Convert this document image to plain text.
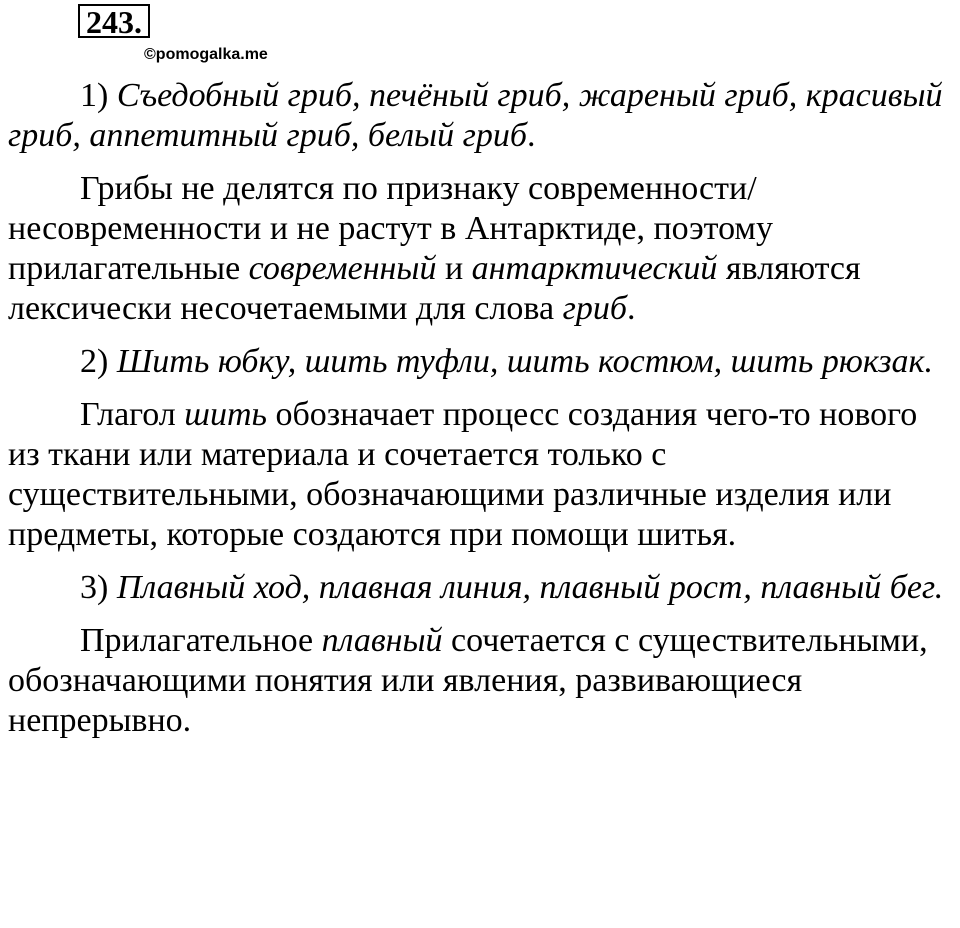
243.
©pomogalka.me

1) Съедобный гриб, печёный гриб, жареный гриб, красивый гриб, аппетитный гриб, белый гриб.

Грибы не делятся по признаку современности/несовременности и не растут в Антарктиде, поэтому прилагательные современный и антарктический являются лексически несочетаемыми для слова гриб.

2) Шить юбку, шить туфли, шить костюм, шить рюкзак.

Глагол шить обозначает процесс создания чего-то нового из ткани или материала и сочетается только с существительными, обозначающими различные изделия или предметы, которые создаются при помощи шитья.

3) Плавный ход, плавная линия, плавный рост, плавный бег.

Прилагательное плавный сочетается с существительными, обозначающими понятия или явления, развивающиеся непрерывно.
